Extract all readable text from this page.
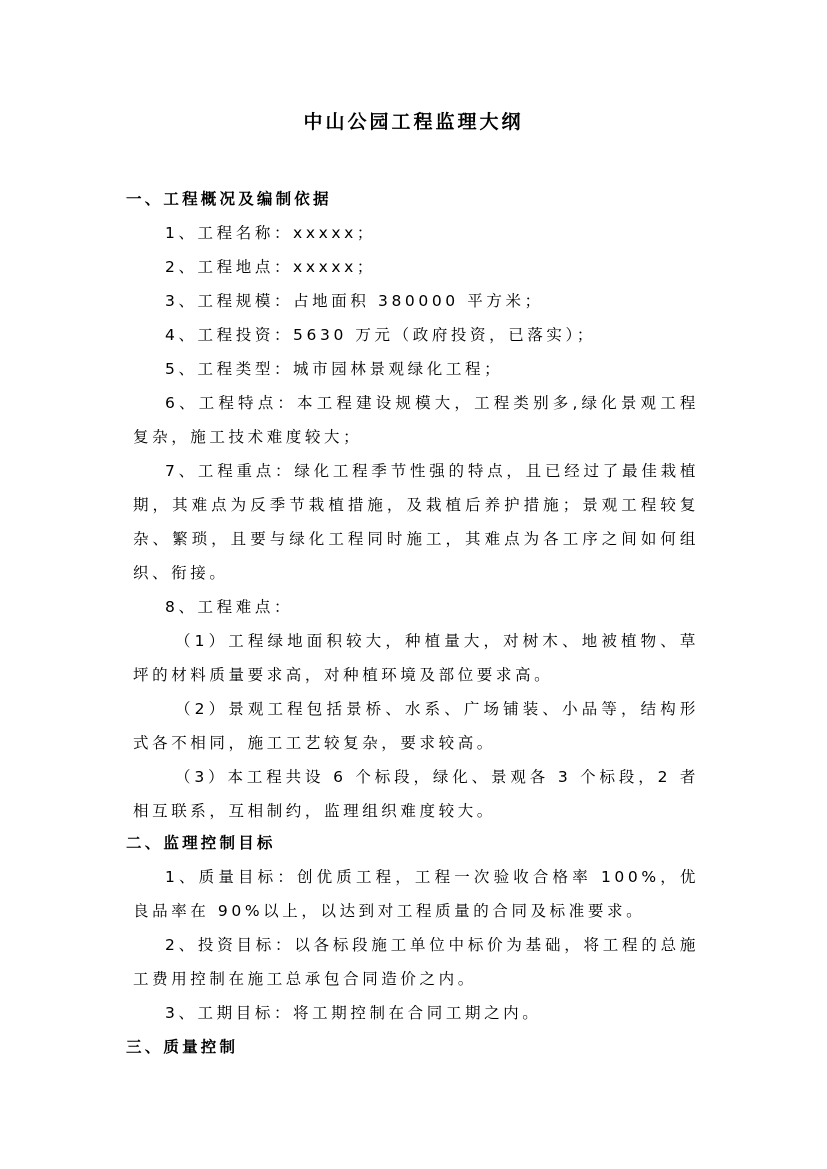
中山公园工程监理大纲
一、工程概况及编制依据
1、工程名称：xxxxx；
2、工程地点：xxxxx；
3、工程规模：占地面积 380000 平方米；
4、工程投资：5630 万元（政府投资，已落实）；
5、工程类型：城市园林景观绿化工程；
6、工程特点：本工程建设规模大，工程类别多,绿化景观工程复杂，施工技术难度较大；
7、工程重点：绿化工程季节性强的特点，且已经过了最佳栽植期，其难点为反季节栽植措施，及栽植后养护措施；景观工程较复杂、繁琐，且要与绿化工程同时施工，其难点为各工序之间如何组织、衔接。
8、工程难点：
（1）工程绿地面积较大，种植量大，对树木、地被植物、草坪的材料质量要求高，对种植环境及部位要求高。
（2）景观工程包括景桥、水系、广场铺装、小品等，结构形式各不相同，施工工艺较复杂，要求较高。
（3）本工程共设 6 个标段，绿化、景观各 3 个标段，2 者相互联系，互相制约，监理组织难度较大。
二、监理控制目标
1、质量目标：创优质工程，工程一次验收合格率 100%，优良品率在 90%以上，以达到对工程质量的合同及标准要求。
2、投资目标：以各标段施工单位中标价为基础，将工程的总施工费用控制在施工总承包合同造价之内。
3、工期目标：将工期控制在合同工期之内。
三、质量控制
